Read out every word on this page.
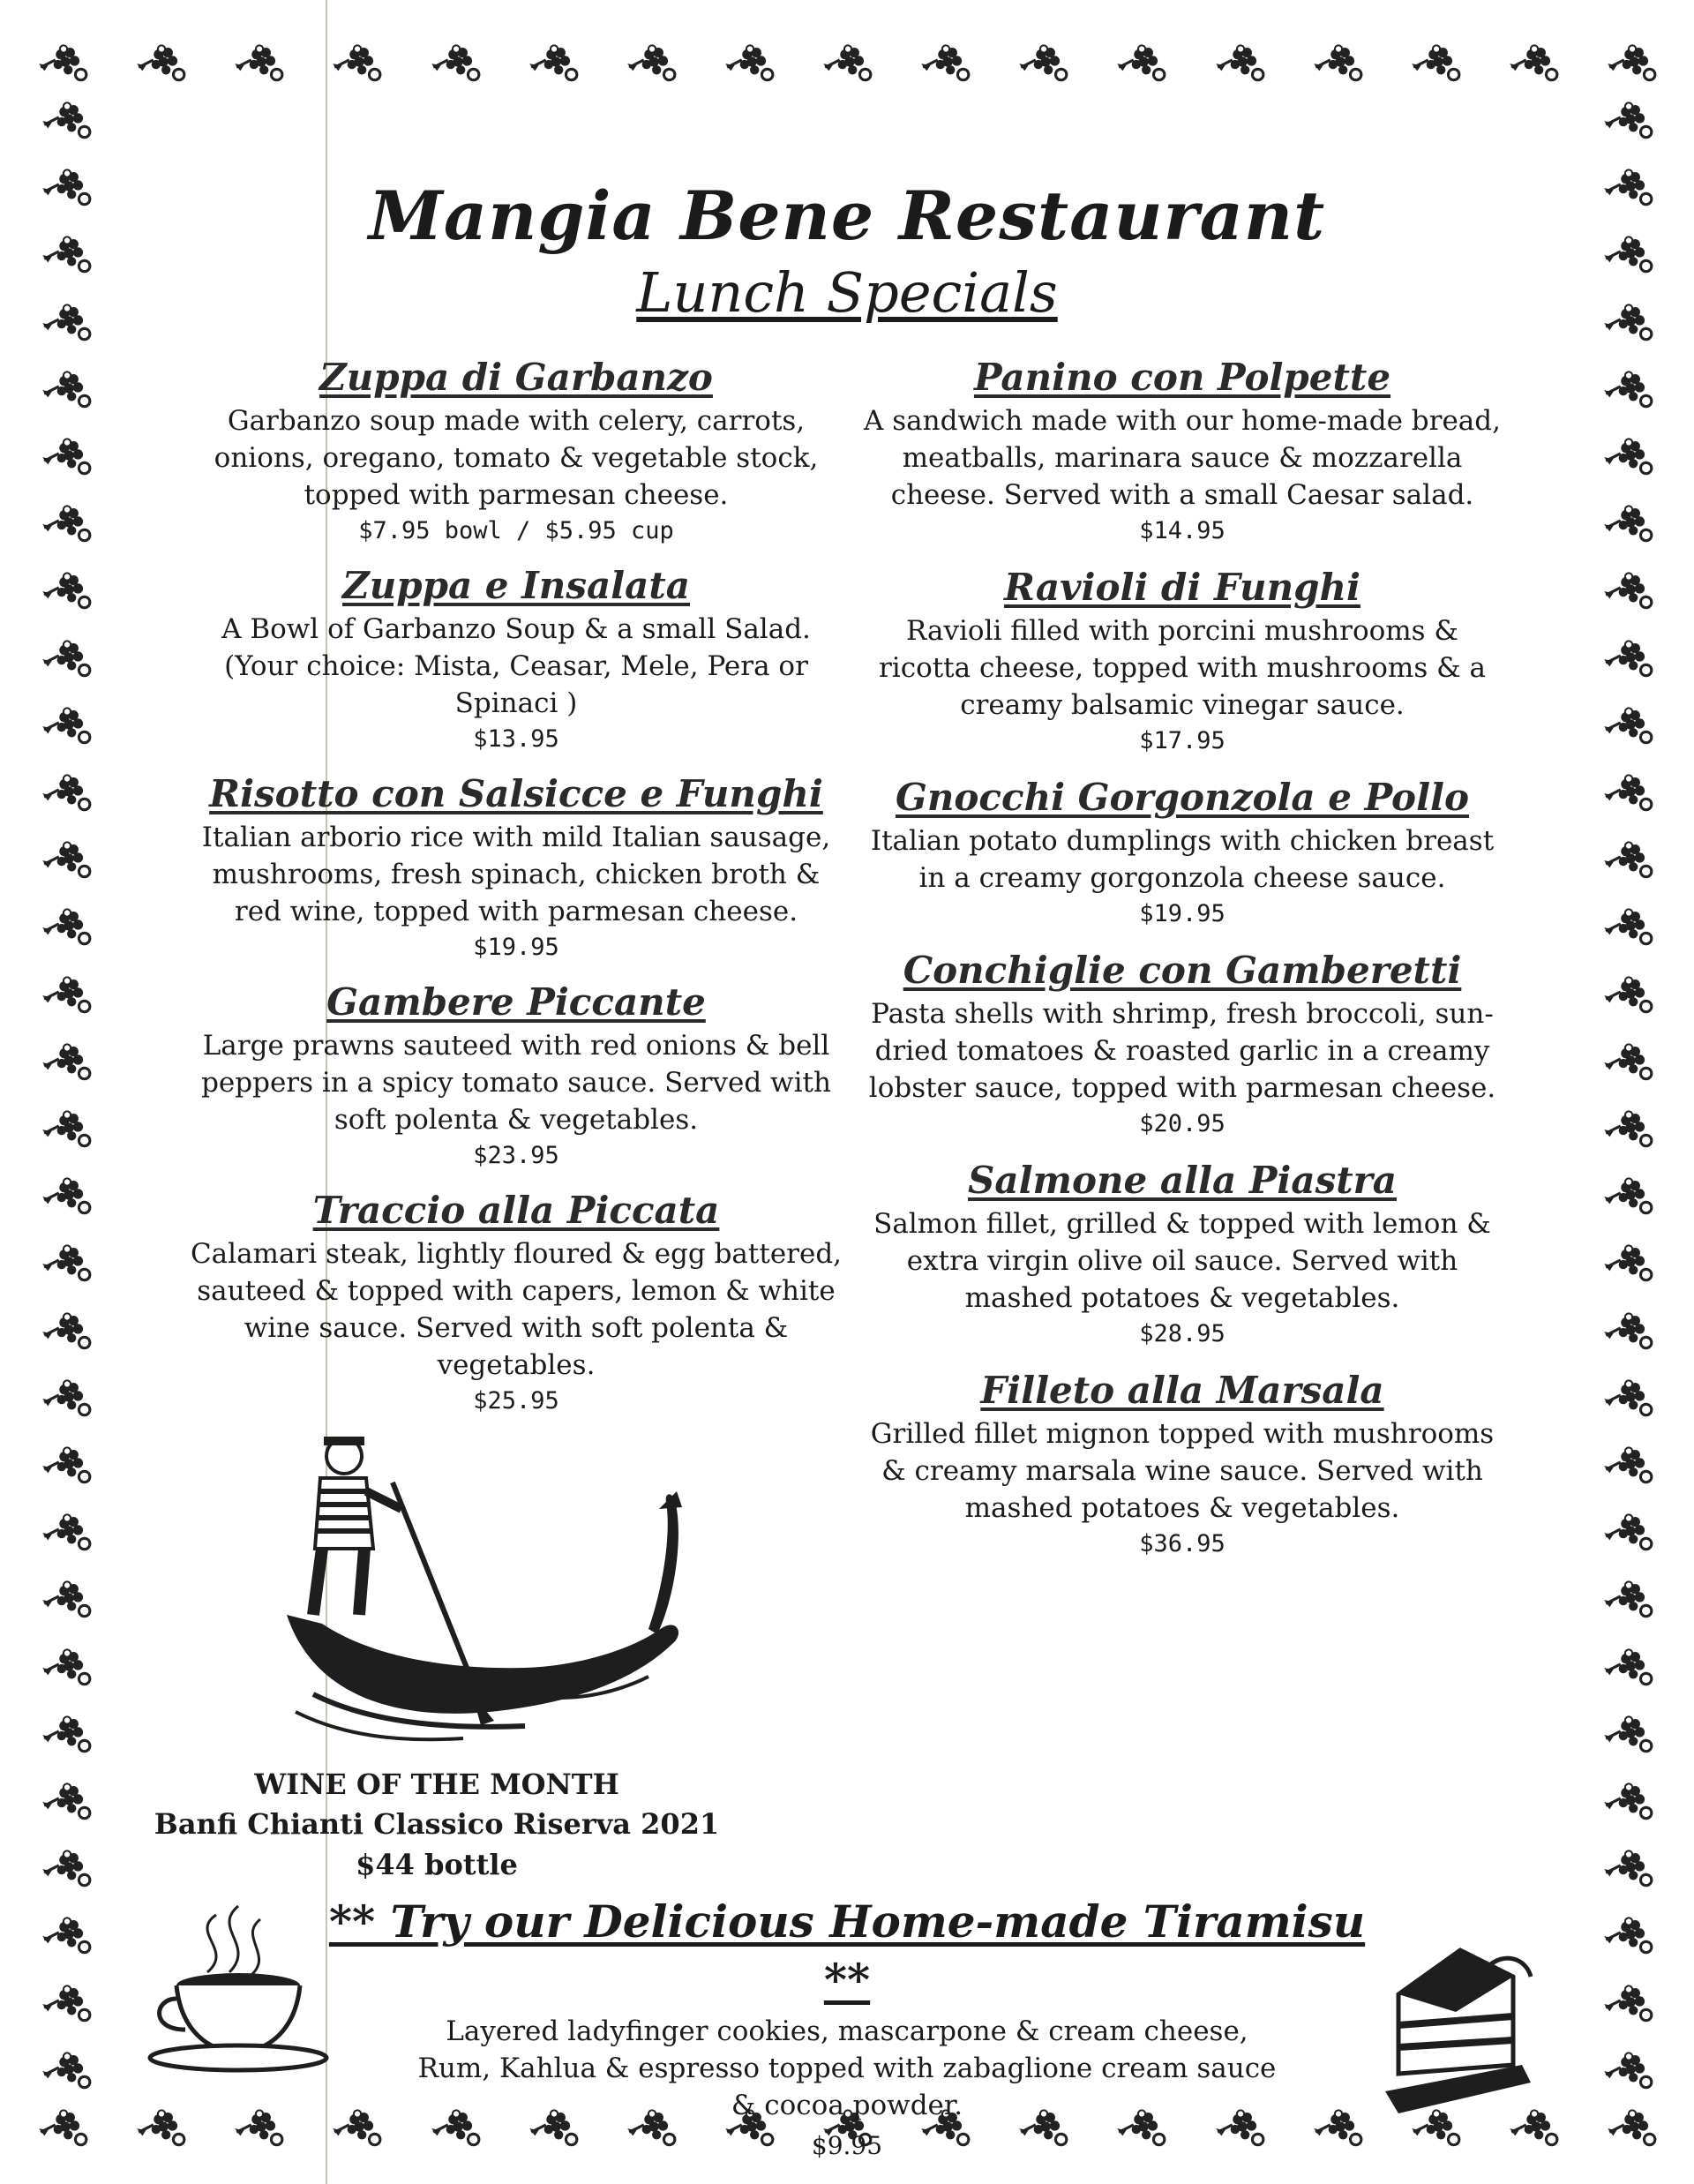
Mangia Bene Restaurant
Lunch Specials
Zuppa di Garbanzo
Garbanzo soup made with celery, carrots, onions, oregano, tomato & vegetable stock, topped with parmesan cheese.
$7.95 bowl / $5.95 cup
Zuppa e Insalata
A Bowl of Garbanzo Soup & a small Salad. (Your choice: Mista, Ceasar, Mele, Pera or Spinaci )
$13.95
Risotto con Salsicce e Funghi
Italian arborio rice with mild Italian sausage, mushrooms, fresh spinach, chicken broth & red wine, topped with parmesan cheese.
$19.95
Gambere Piccante
Large prawns sauteed with red onions & bell peppers in a spicy tomato sauce. Served with soft polenta & vegetables.
$23.95
Traccio alla Piccata
Calamari steak, lightly floured & egg battered, sauteed & topped with capers, lemon & white wine sauce. Served with soft polenta & vegetables.
$25.95
Panino con Polpette
A sandwich made with our home-made bread, meatballs, marinara sauce & mozzarella cheese. Served with a small Caesar salad.
$14.95
Ravioli di Funghi
Ravioli filled with porcini mushrooms & ricotta cheese, topped with mushrooms & a creamy balsamic vinegar sauce.
$17.95
Gnocchi Gorgonzola e Pollo
Italian potato dumplings with chicken breast in a creamy gorgonzola cheese sauce.
$19.95
Conchiglie con Gamberetti
Pasta shells with shrimp, fresh broccoli, sun-dried tomatoes & roasted garlic in a creamy lobster sauce, topped with parmesan cheese.
$20.95
Salmone alla Piastra
Salmon fillet, grilled & topped with lemon & extra virgin olive oil sauce. Served with mashed potatoes & vegetables.
$28.95
Filleto alla Marsala
Grilled fillet mignon topped with mushrooms & creamy marsala wine sauce. Served with mashed potatoes & vegetables.
$36.95
WINE OF THE MONTH
Banfi Chianti Classico Riserva 2021
$44 bottle
** Try our Delicious Home-made Tiramisu **
Layered ladyfinger cookies, mascarpone & cream cheese, Rum, Kahlua & espresso topped with zabaglione cream sauce & cocoa powder.
$9.95
